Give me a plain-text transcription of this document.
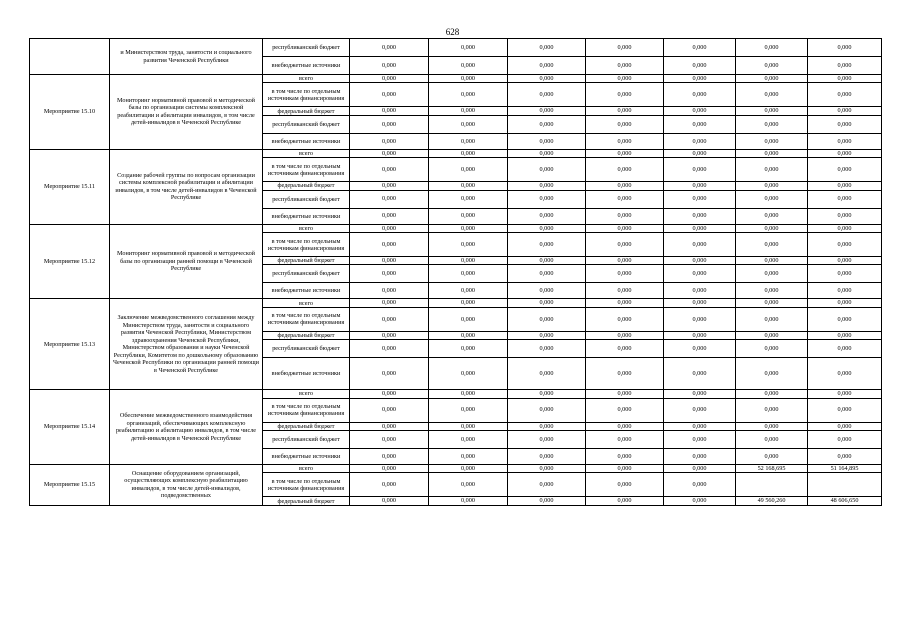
628
	и Министерством труда, занятости и социального развития Чеченской Республики	республиканский бюджет	0,000	0,000	0,000	0,000	0,000	0,000	0,000
		внебюджетные источники	0,000	0,000	0,000	0,000	0,000	0,000	0,000
Мероприятие 15.10	Мониторинг нормативной правовой и методической базы по организации системы комплексной реабилитации и абилитации инвалидов, в том числе детей-инвалидов в Чеченской Республике	всего	0,000	0,000	0,000	0,000	0,000	0,000	0,000
		в том числе по отдельным источникам финансирования	0,000	0,000	0,000	0,000	0,000	0,000	0,000
		федеральный бюджет	0,000	0,000	0,000	0,000	0,000	0,000	0,000
		республиканский бюджет	0,000	0,000	0,000	0,000	0,000	0,000	0,000
		внебюджетные источники	0,000	0,000	0,000	0,000	0,000	0,000	0,000
Мероприятие 15.11	Создание рабочей группы по вопросам организации системы комплексной реабилитации и абилитации инвалидов, в том числе детей-инвалидов в Чеченской Республике	всего	0,000	0,000	0,000	0,000	0,000	0,000	0,000
		в том числе по отдельным источникам финансирования	0,000	0,000	0,000	0,000	0,000	0,000	0,000
		федеральный бюджет	0,000	0,000	0,000	0,000	0,000	0,000	0,000
		республиканский бюджет	0,000	0,000	0,000	0,000	0,000	0,000	0,000
		внебюджетные источники	0,000	0,000	0,000	0,000	0,000	0,000	0,000
Мероприятие 15.12	Мониторинг нормативной правовой и методической базы по организации ранней помощи в Чеченской Республике	всего	0,000	0,000	0,000	0,000	0,000	0,000	0,000
		в том числе по отдельным источникам финансирования	0,000	0,000	0,000	0,000	0,000	0,000	0,000
		федеральный бюджет	0,000	0,000	0,000	0,000	0,000	0,000	0,000
		республиканский бюджет	0,000	0,000	0,000	0,000	0,000	0,000	0,000
		внебюджетные источники	0,000	0,000	0,000	0,000	0,000	0,000	0,000
Мероприятие 15.13	Заключение межведомственного соглашения между Министерством труда, занятости и социального развития Чеченской Республики, Министерством здравоохранения Чеченской Республики, Министерством образования и науки Чеченской Республики, Комитетом по дошкольному образованию Чеченской Республики по организации ранней помощи в Чеченской Республике	всего	0,000	0,000	0,000	0,000	0,000	0,000	0,000
		в том числе по отдельным источникам финансирования	0,000	0,000	0,000	0,000	0,000	0,000	0,000
		федеральный бюджет	0,000	0,000	0,000	0,000	0,000	0,000	0,000
		республиканский бюджет	0,000	0,000	0,000	0,000	0,000	0,000	0,000
		внебюджетные источники	0,000	0,000	0,000	0,000	0,000	0,000	0,000
Мероприятие 15.14	Обеспечение межведомственного взаимодействия организаций, обеспечивающих комплексную реабилитацию и абилитацию инвалидов, в том числе детей-инвалидов в Чеченской Республике	всего	0,000	0,000	0,000	0,000	0,000	0,000	0,000
		в том числе по отдельным источникам финансирования	0,000	0,000	0,000	0,000	0,000	0,000	0,000
		федеральный бюджет	0,000	0,000	0,000	0,000	0,000	0,000	0,000
		республиканский бюджет	0,000	0,000	0,000	0,000	0,000	0,000	0,000
		внебюджетные источники	0,000	0,000	0,000	0,000	0,000	0,000	0,000
Мероприятие 15.15	Оснащение оборудованием организаций, осуществляющих комплексную реабилитацию инвалидов, в том числе детей-инвалидов, подведомственных	всего	0,000	0,000	0,000	0,000	0,000	52 168,695	51 164,895
		в том числе по отдельным источникам финансирования	0,000	0,000	0,000	0,000	0,000		
		федеральный бюджет	0,000	0,000	0,000	0,000	0,000	49 560,260	48 606,650
